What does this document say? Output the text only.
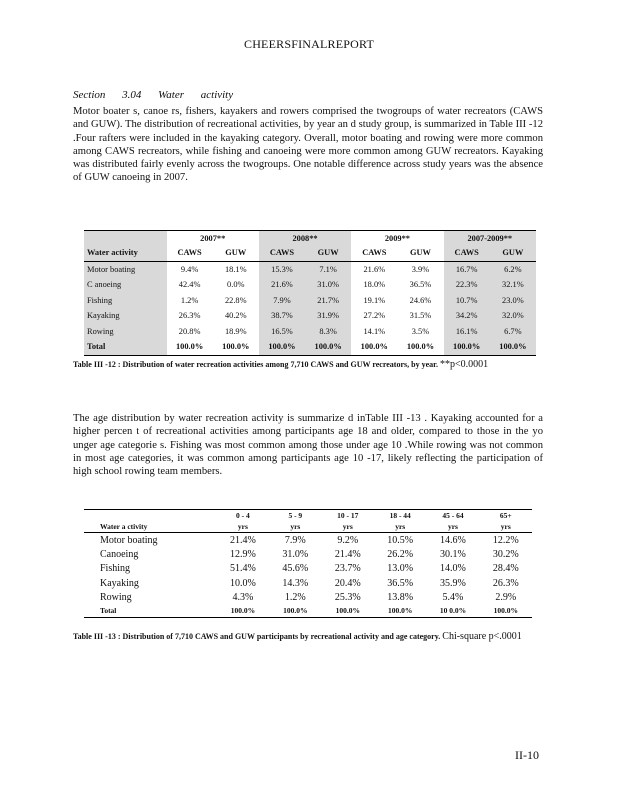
CHEERSFINALREPORT
Section 3.04 Water activity
Motor boater s, canoe rs, fishers, kayakers and rowers comprised the twogroups of water recreators (CAWS and GUW). The distribution of recreational activities, by year an d study group, is summarized in Table III -12 .Four rafters were included in the kayaking category. Overall, motor boating and rowing were more common among CAWS recreators, while fishing and canoeing were more common among GUW recreators. Kayaking was distributed fairly evenly across the twogroups. One notable difference across study years was the absence of GUW canoeing in 2007.
	2007**		2008**		2009**		2007-2009**	
Water activity	CAWS	GUW	CAWS	GUW	CAWS	GUW	CAWS	GUW
Motor boating	9.4%	18.1%	15.3%	7.1%	21.6%	3.9%	16.7%	6.2%
C anoeing	42.4%	0.0%	21.6%	31.0%	18.0%	36.5%	22.3%	32.1%
Fishing	1.2%	22.8%	7.9%	21.7%	19.1%	24.6%	10.7%	23.0%
Kayaking	26.3%	40.2%	38.7%	31.9%	27.2%	31.5%	34.2%	32.0%
Rowing	20.8%	18.9%	16.5%	8.3%	14.1%	3.5%	16.1%	6.7%
Total	100.0%	100.0%	100.0%	100.0%	100.0%	100.0%	100.0%	100.0%
Table III -12 : Distribution of water recreation activities among 7,710 CAWS and GUW recreators, by year. **p<0.0001
The age distribution by water recreation activity is summarize d inTable III -13 . Kayaking accounted for a higher percen t of recreational activities among participants age 18 and older, compared to those in the yo unger age categorie s. Fishing was most common among those under age 10 .While rowing was not common in most age categories, it was common among participants age 10 -17, likely reflecting the participation of high school rowing team members.
	0 - 4	5 - 9	10 - 17	18 - 44	45 - 64	65+
Water a ctivity	yrs	yrs	yrs	yrs	yrs	yrs
Motor boating	21.4%	7.9%	9.2%	10.5%	14.6%	12.2%
Canoeing	12.9%	31.0%	21.4%	26.2%	30.1%	30.2%
Fishing	51.4%	45.6%	23.7%	13.0%	14.0%	28.4%
Kayaking	10.0%	14.3%	20.4%	36.5%	35.9%	26.3%
Rowing	4.3%	1.2%	25.3%	13.8%	5.4%	2.9%
Total	100.0%	100.0%	100.0%	100.0%	10 0.0%	100.0%
Table III -13 : Distribution of 7,710 CAWS and GUW participants by recreational activity and age category. Chi-square p<.0001
II-10
